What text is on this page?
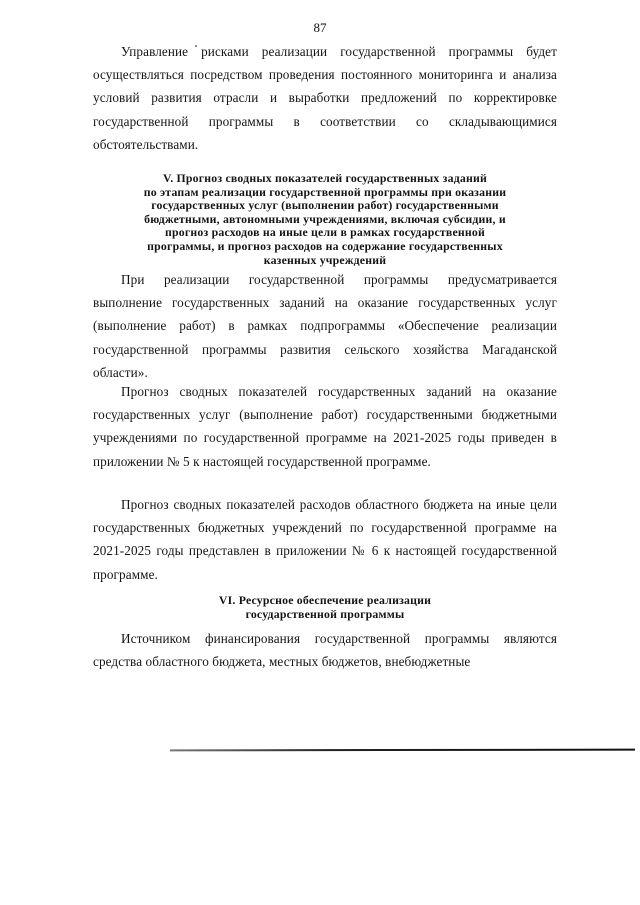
87

Управление рисками реализации государственной программы будет осуществляться посредством проведения постоянного мониторинга и анализа условий развития отрасли и выработки предложений по корректировке государственной программы в соответствии со складывающимися обстоятельствами.

V. Прогноз сводных показателей государственных заданий
по этапам реализации государственной программы при оказании
государственных услуг (выполнении работ) государственными
бюджетными, автономными учреждениями, включая субсидии, и
прогноз расходов на иные цели в рамках государственной
программы, и прогноз расходов на содержание государственных
казенных учреждений

При реализации государственной программы предусматривается выполнение государственных заданий на оказание государственных услуг (выполнение работ) в рамках подпрограммы «Обеспечение реализации государственной программы развития сельского хозяйства Магаданской области».

Прогноз сводных показателей государственных заданий на оказание государственных услуг (выполнение работ) государственными бюджетными учреждениями по государственной программе на 2021-2025 годы приведен в приложении № 5 к настоящей государственной программе.

Прогноз сводных показателей расходов областного бюджета на иные цели государственных бюджетных учреждений по государственной программе на 2021-2025 годы представлен в приложении № 6 к настоящей государственной программе.

VI. Ресурсное обеспечение реализации
государственной программы

Источником финансирования государственной программы являются средства областного бюджета, местных бюджетов, внебюджетные
